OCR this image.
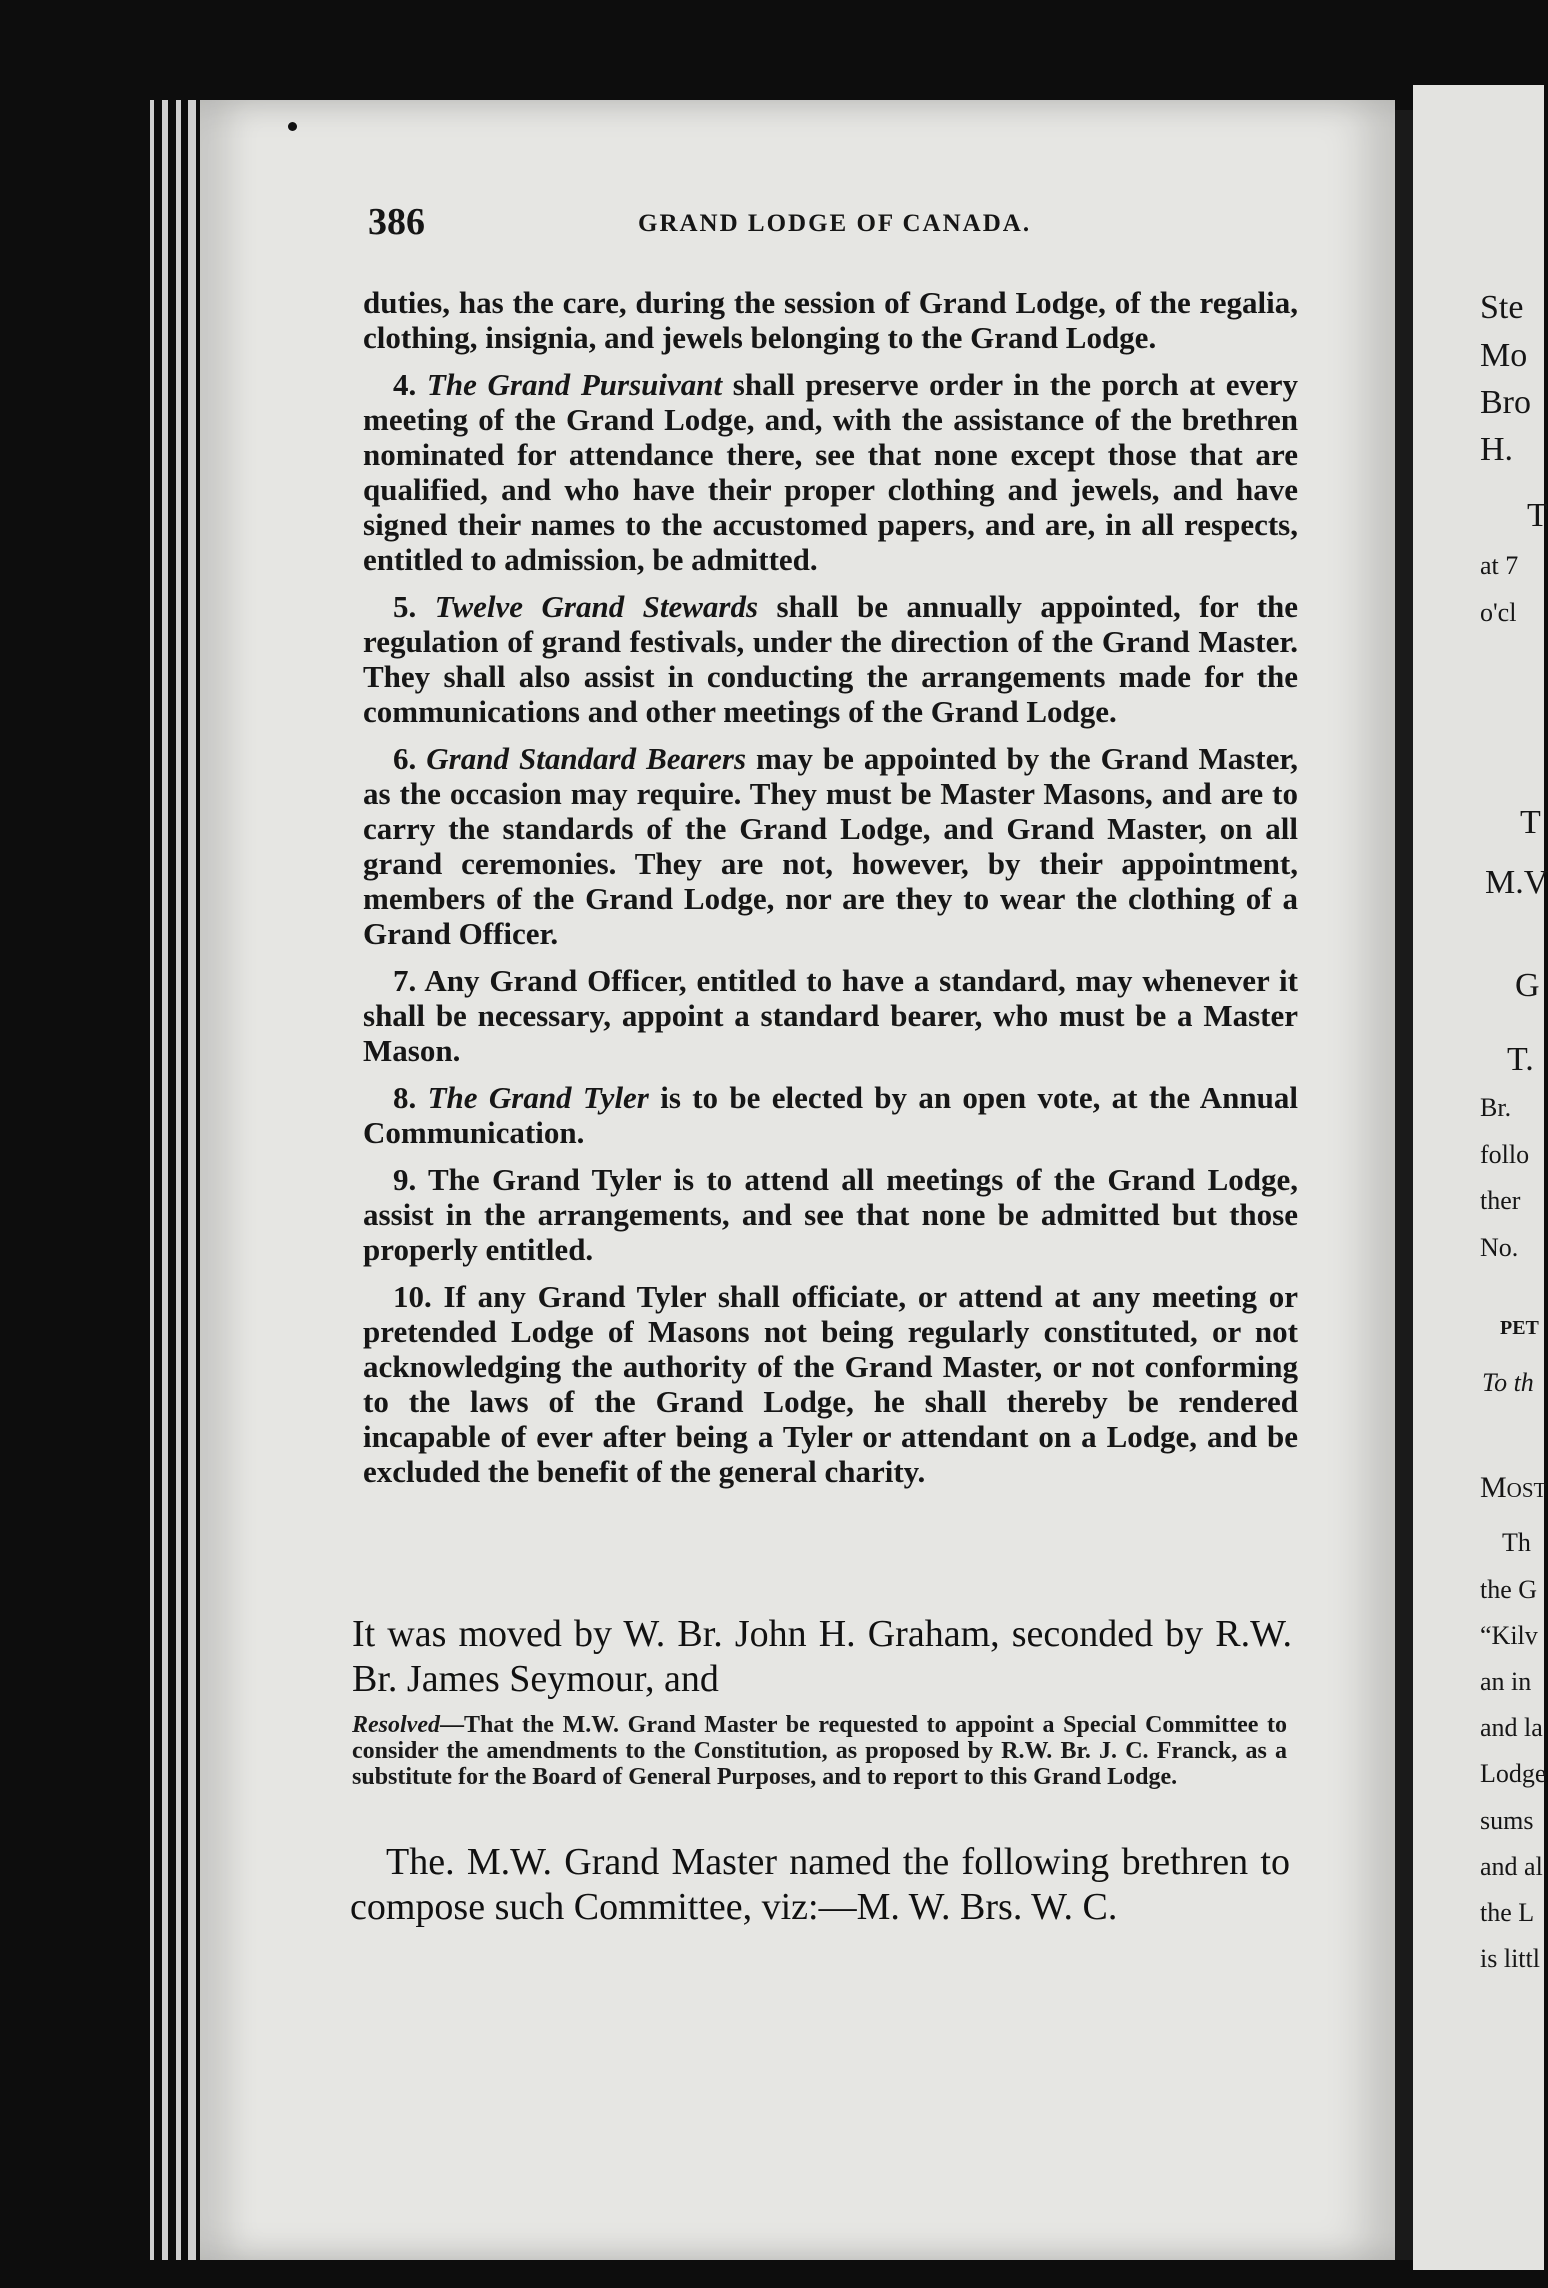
386	GRAND LODGE OF CANADA.

duties, has the care, during the session of Grand Lodge, of the regalia, clothing, insignia, and jewels belonging to the Grand Lodge.

4. The Grand Pursuivant shall preserve order in the porch at every meeting of the Grand Lodge, and, with the assistance of the brethren nominated for attendance there, see that none except those that are qualified, and who have their proper clothing and jewels, and have signed their names to the accustomed papers, and are, in all respects, entitled to admission, be admitted.

5. Twelve Grand Stewards shall be annually appointed, for the regulation of grand festivals, under the direction of the Grand Master. They shall also assist in conducting the arrangements made for the communications and other meetings of the Grand Lodge.

6. Grand Standard Bearers may be appointed by the Grand Master, as the occasion may require. They must be Master Masons, and are to carry the standards of the Grand Lodge, and Grand Master, on all grand ceremonies. They are not, however, by their appointment, members of the Grand Lodge, nor are they to wear the clothing of a Grand Officer.

7. Any Grand Officer, entitled to have a standard, may whenever it shall be necessary, appoint a standard bearer, who must be a Master Mason.

8. The Grand Tyler is to be elected by an open vote, at the Annual Communication.

9. The Grand Tyler is to attend all meetings of the Grand Lodge, assist in the arrangements, and see that none be admitted but those properly entitled.

10. If any Grand Tyler shall officiate, or attend at any meeting or pretended Lodge of Masons not being regularly constituted, or not acknowledging the authority of the Grand Master, or not conforming to the laws of the Grand Lodge, he shall thereby be rendered incapable of ever after being a Tyler or attendant on a Lodge, and be excluded the benefit of the general charity.

It was moved by W. Br. John H. Graham, seconded by R.W. Br. James Seymour, and
Resolved—That the M.W. Grand Master be requested to appoint a Special Committee to consider the amendments to the Constitution, as proposed by R.W. Br. J. C. Franck, as a substitute for the Board of General Purposes, and to report to this Grand Lodge.
The. M.W. Grand Master named the following brethren to compose such Committee, viz:—M. W. Brs. W. C.
Ste
Mo
Bro
H.
T
at 7
o'cl
T
M.V
G
T.
Br.
follo
ther
No.
PET
To th
Most
Th
the G
“Kilv
an in
and la
Lodge
sums
and al
the L
is littl
